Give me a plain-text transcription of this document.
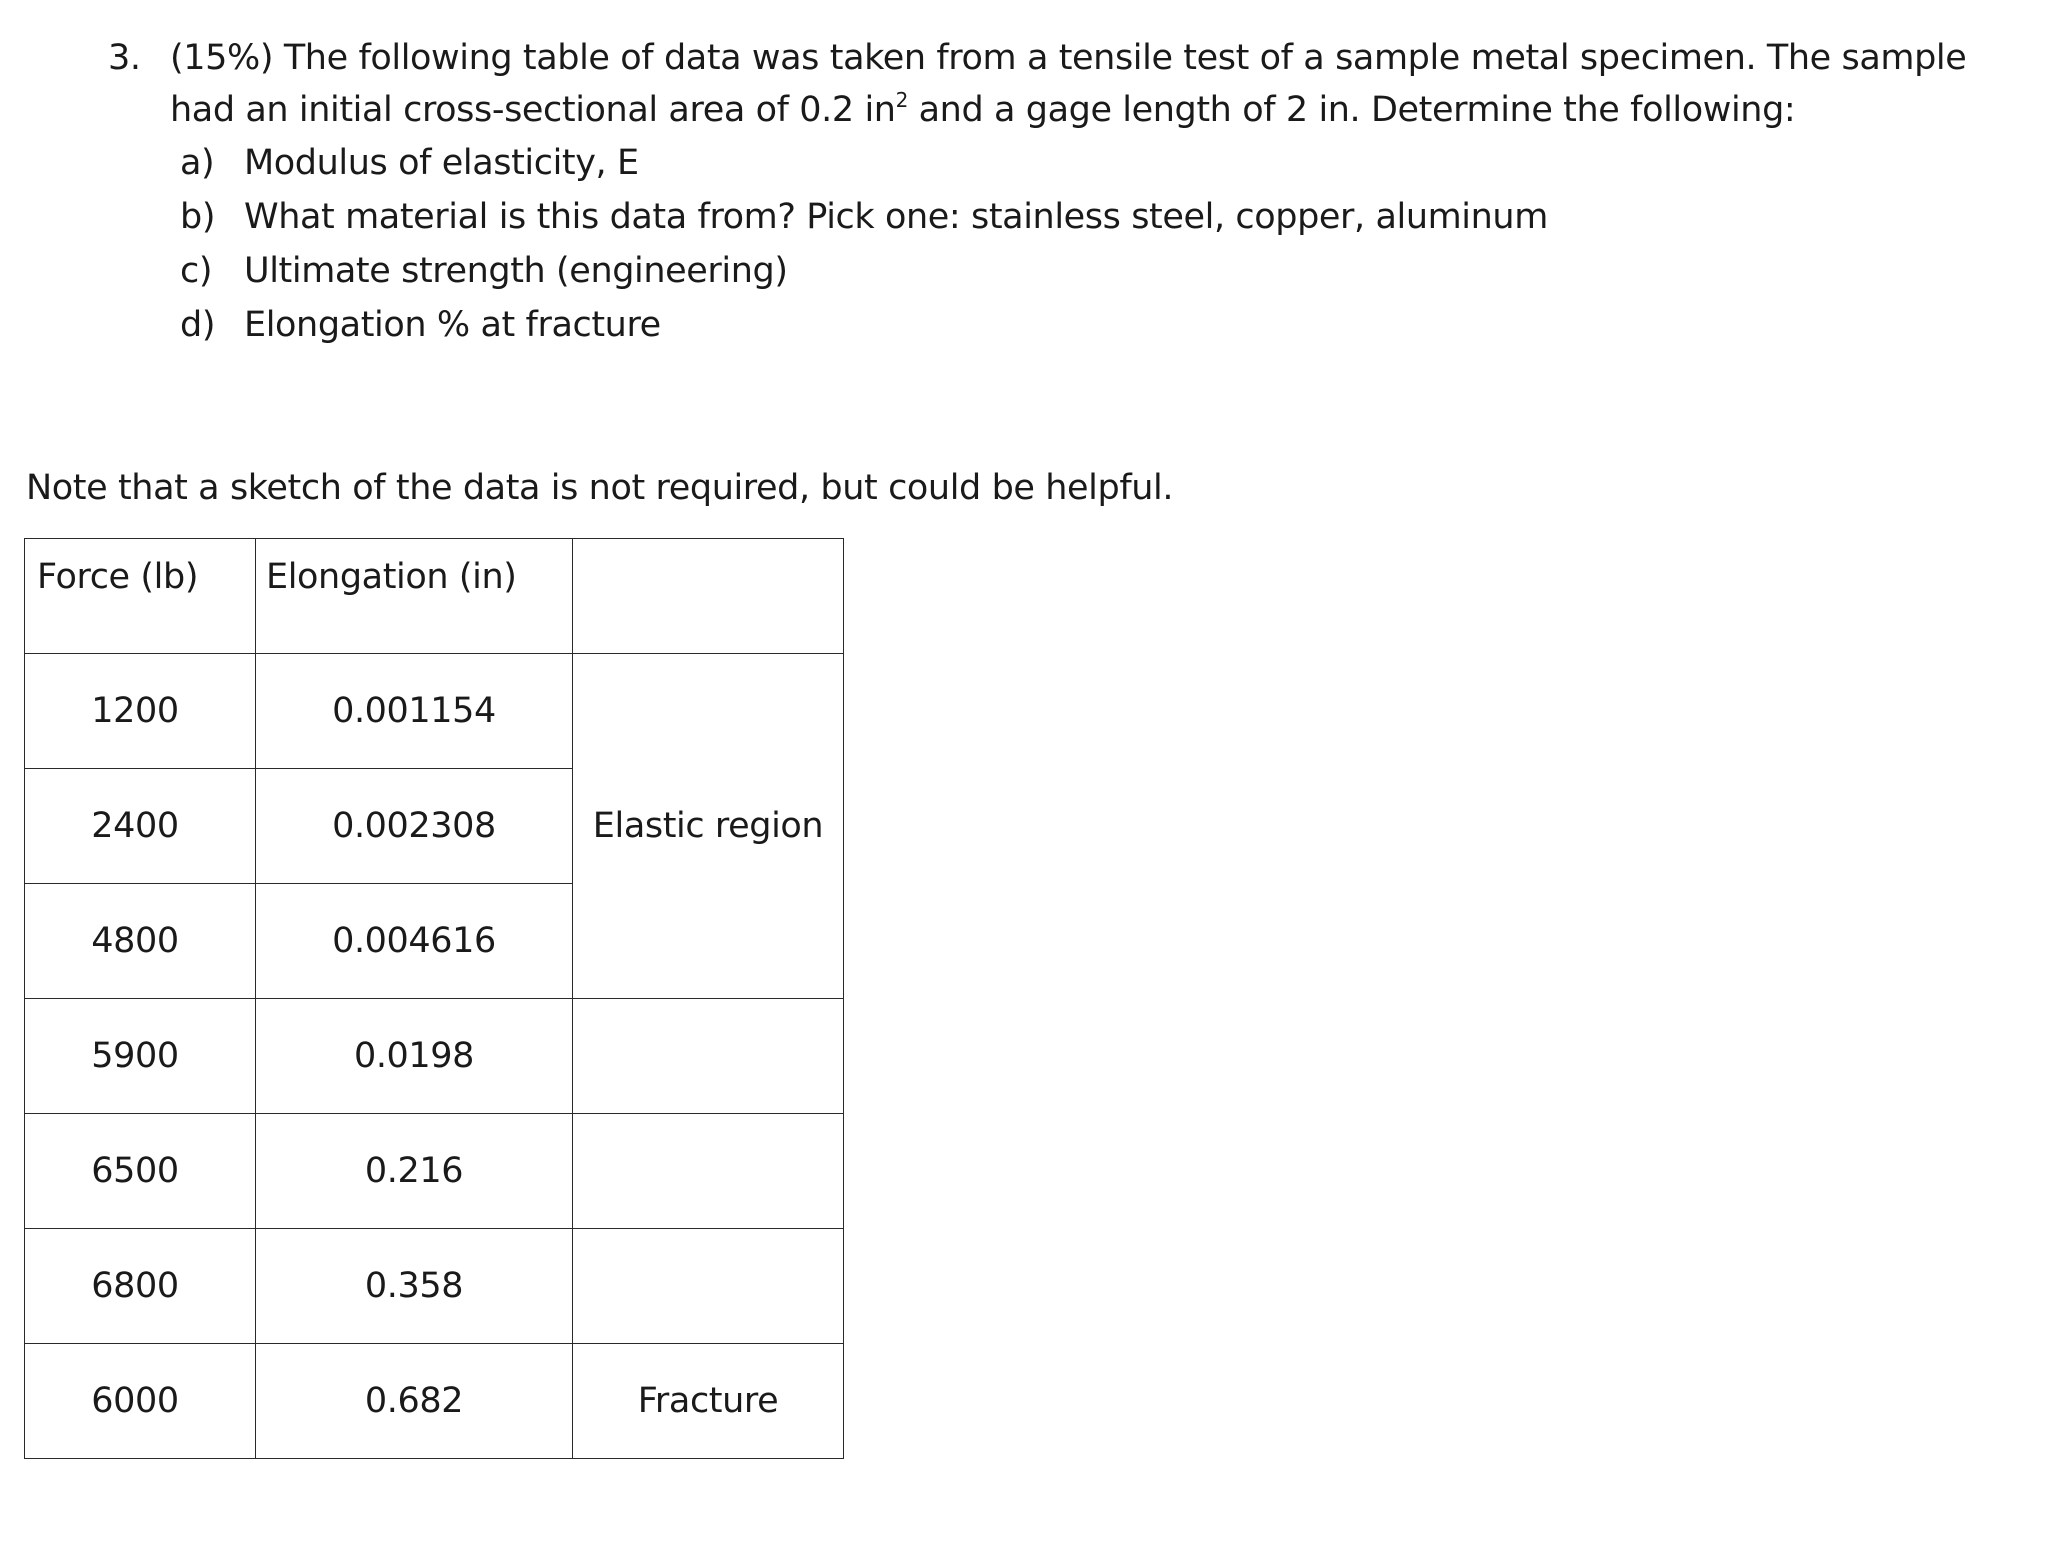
3. (15%) The following table of data was taken from a tensile test of a sample metal specimen. The sample
had an initial cross-sectional area of 0.2 $in^2$ and a gage length of 2 in. Determine the following:
a) Modulus of elasticity, E
b) What material is this data from? Pick one: stainless steel, copper, aluminum
c) Ultimate strength (engineering)
d) Elongation % at fracture
Note that a sketch of the data is not required, but could be helpful.
Force (lb)	Elongation (in)	
1200	0.001154	
2400	0.002308	Elastic region
4800	0.004616	
5900	0.0198	
6500	0.216	
6800	0.358	
6000	0.682	Fracture
